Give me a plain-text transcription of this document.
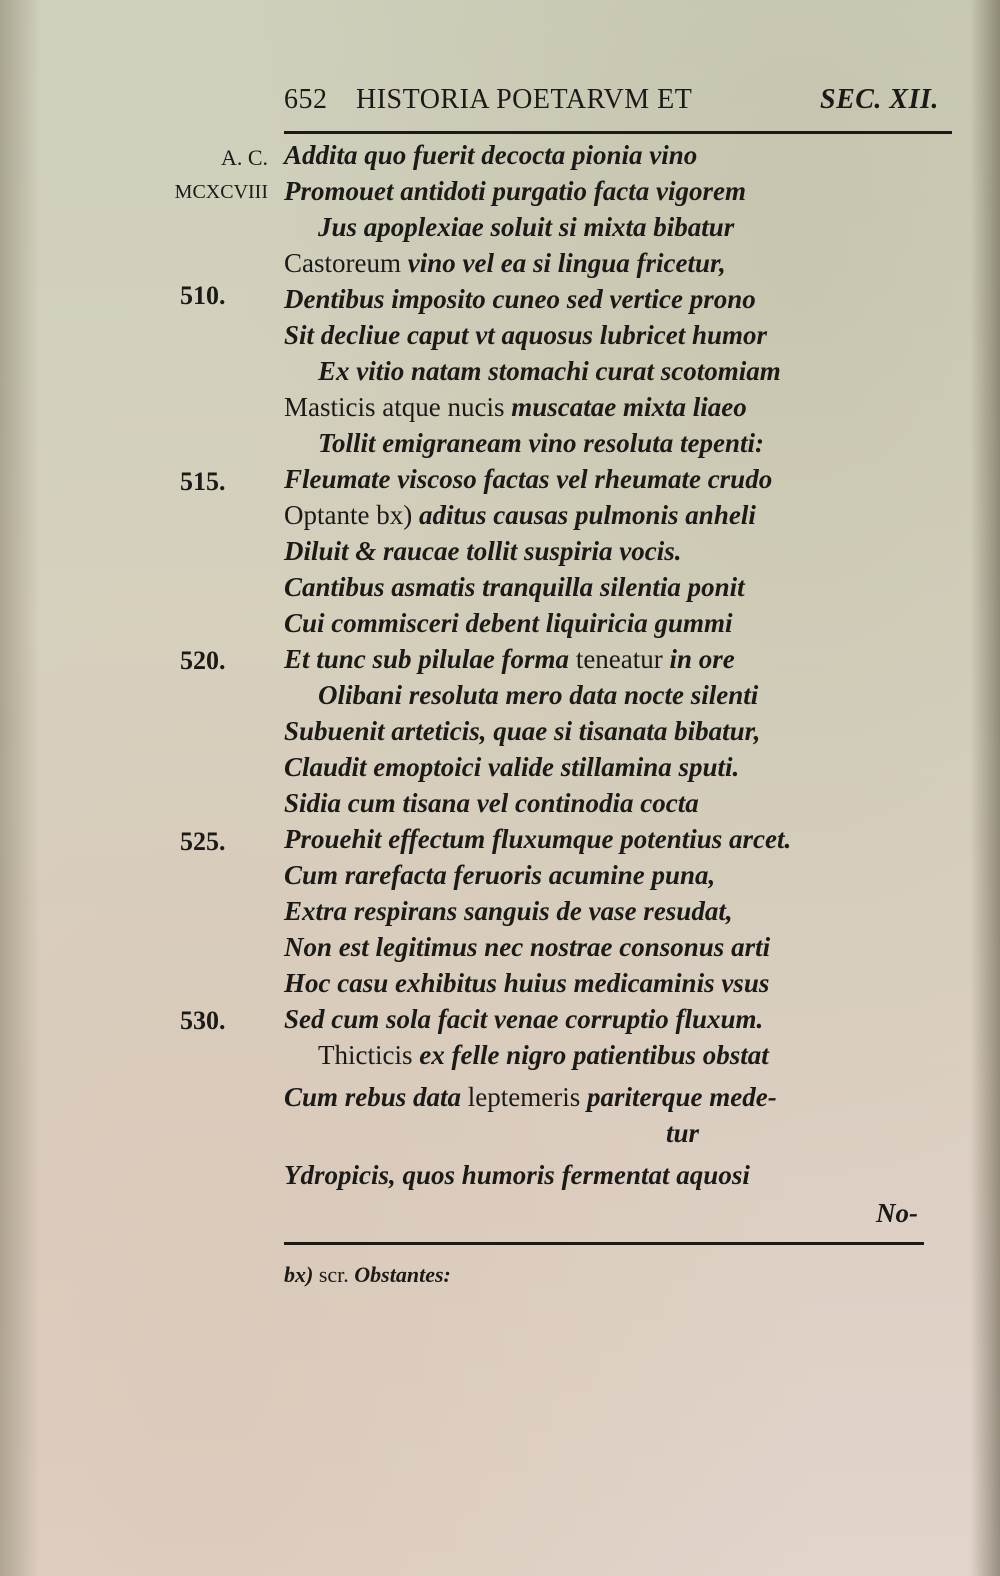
652 HISTORIA POETARVM ET	SEC. XII.
A. C.
MCXCVIII
510.
515.
520.
525.
530.
Addita quo fuerit decocta pionia vino
Promouet antidoti purgatio facta vigorem
Jus apoplexiae soluit si mixta bibatur
Castoreum vino vel ea si lingua fricetur,
Dentibus imposito cuneo sed vertice prono
Sit decliue caput vt aquosus lubricet humor
Ex vitio natam stomachi curat scotomiam
Masticis atque nucis muscatae mixta liaeo
Tollit emigraneam vino resoluta tepenti:
Fleumate viscoso factas vel rheumate crudo
Optante bx) aditus causas pulmonis anheli
Diluit & raucae tollit suspiria vocis.
Cantibus asmatis tranquilla silentia ponit
Cui commisceri debent liquiricia gummi
Et tunc sub pilulae forma teneatur in ore
Olibani resoluta mero data nocte silenti
Subuenit arteticis, quae si tisanata bibatur,
Claudit emoptoici valide stillamina sputi.
Sidia cum tisana vel continodia cocta
Prouehit effectum fluxumque potentius arcet.
Cum rarefacta feruoris acumine puna,
Extra respirans sanguis de vase resudat,
Non est legitimus nec nostrae consonus arti
Hoc casu exhibitus huius medicaminis vsus
Sed cum sola facit venae corruptio fluxum.
Thicticis ex felle nigro patientibus obstat
Cum rebus data leptemeris pariterque mede-
tur
Ydropicis, quos humoris fermentat aquosi
No-
bx) scr. Obstantes:
